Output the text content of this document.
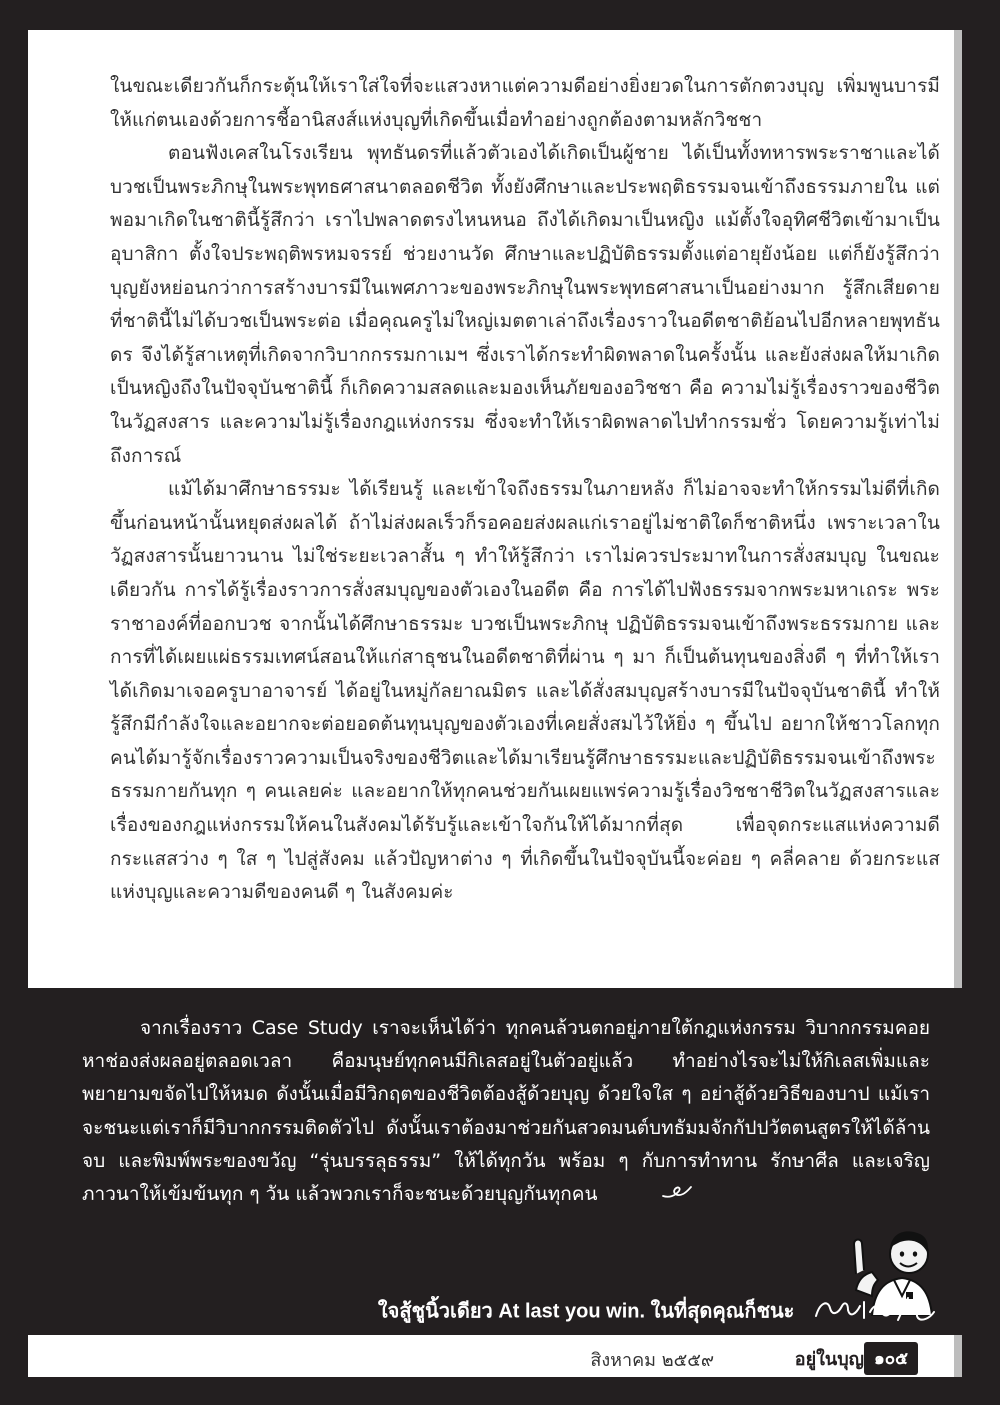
ในขณะเดียวกันก็กระตุ้นให้เราใส่ใจที่จะแสวงหาแต่ความดีอย่างยิ่งยวดในการตักตวงบุญ เพิ่มพูนบารมีให้แก่ตนเองด้วยการชี้อานิสงส์แห่งบุญที่เกิดขึ้นเมื่อทำอย่างถูกต้องตามหลักวิชชา

ตอนฟังเคสในโรงเรียน พุทธันดรที่แล้วตัวเองได้เกิดเป็นผู้ชาย ได้เป็นทั้งทหารพระราชาและได้บวชเป็นพระภิกษุในพระพุทธศาสนาตลอดชีวิต ทั้งยังศึกษาและประพฤติธรรมจนเข้าถึงธรรมภายใน แต่พอมาเกิดในชาตินี้รู้สึกว่า เราไปพลาดตรงไหนหนอ ถึงได้เกิดมาเป็นหญิง แม้ตั้งใจอุทิศชีวิตเข้ามาเป็นอุบาสิกา ตั้งใจประพฤติพรหมจรรย์ ช่วยงานวัด ศึกษาและปฏิบัติธรรมตั้งแต่อายุยังน้อย แต่ก็ยังรู้สึกว่า บุญยังหย่อนกว่าการสร้างบารมีในเพศภาวะของพระภิกษุในพระพุทธศาสนาเป็นอย่างมาก รู้สึกเสียดายที่ชาตินี้ไม่ได้บวชเป็นพระต่อ เมื่อคุณครูไม่ใหญ่เมตตาเล่าถึงเรื่องราวในอดีตชาติย้อนไปอีกหลายพุทธันดร จึงได้รู้สาเหตุที่เกิดจากวิบากกรรมกาเมฯ ซึ่งเราได้กระทำผิดพลาดในครั้งนั้น และยังส่งผลให้มาเกิดเป็นหญิงถึงในปัจจุบันชาตินี้ ก็เกิดความสลดและมองเห็นภัยของอวิชชา คือ ความไม่รู้เรื่องราวของชีวิตในวัฏสงสาร และความไม่รู้เรื่องกฎแห่งกรรม ซึ่งจะทำให้เราผิดพลาดไปทำกรรมชั่ว โดยความรู้เท่าไม่ถึงการณ์

แม้ได้มาศึกษาธรรมะ ได้เรียนรู้ และเข้าใจถึงธรรมในภายหลัง ก็ไม่อาจจะทำให้กรรมไม่ดีที่เกิดขึ้นก่อนหน้านั้นหยุดส่งผลได้ ถ้าไม่ส่งผลเร็วก็รอคอยส่งผลแก่เราอยู่ไม่ชาติใดก็ชาติหนึ่ง เพราะเวลาในวัฏสงสารนั้นยาวนาน ไม่ใช่ระยะเวลาสั้น ๆ ทำให้รู้สึกว่า เราไม่ควรประมาทในการสั่งสมบุญ ในขณะเดียวกัน การได้รู้เรื่องราวการสั่งสมบุญของตัวเองในอดีต คือ การได้ไปฟังธรรมจากพระมหาเถระ พระราชาองค์ที่ออกบวช จากนั้นได้ศึกษาธรรมะ บวชเป็นพระภิกษุ ปฏิบัติธรรมจนเข้าถึงพระธรรมกาย และการที่ได้เผยแผ่ธรรมเทศน์สอนให้แก่สาธุชนในอดีตชาติที่ผ่าน ๆ มา ก็เป็นต้นทุนของสิ่งดี ๆ ที่ทำให้เราได้เกิดมาเจอครูบาอาจารย์ ได้อยู่ในหมู่กัลยาณมิตร และได้สั่งสมบุญสร้างบารมีในปัจจุบันชาตินี้ ทำให้รู้สึกมีกำลังใจและอยากจะต่อยอดต้นทุนบุญของตัวเองที่เคยสั่งสมไว้ให้ยิ่ง ๆ ขึ้นไป อยากให้ชาวโลกทุกคนได้มารู้จักเรื่องราวความเป็นจริงของชีวิตและได้มาเรียนรู้ศึกษาธรรมะและปฏิบัติธรรมจนเข้าถึงพระธรรมกายกันทุก ๆ คนเลยค่ะ และอยากให้ทุกคนช่วยกันเผยแพร่ความรู้เรื่องวิชชาชีวิตในวัฏสงสารและเรื่องของกฎแห่งกรรมให้คนในสังคมได้รับรู้และเข้าใจกันให้ได้มากที่สุด เพื่อจุดกระแสแห่งความดี กระแสสว่าง ๆ ใส ๆ ไปสู่สังคม แล้วปัญหาต่าง ๆ ที่เกิดขึ้นในปัจจุบันนี้จะค่อย ๆ คลี่คลาย ด้วยกระแสแห่งบุญและความดีของคนดี ๆ ในสังคมค่ะ

จากเรื่องราว Case Study เราจะเห็นได้ว่า ทุกคนล้วนตกอยู่ภายใต้กฎแห่งกรรม วิบากกรรมคอยหาช่องส่งผลอยู่ตลอดเวลา คือมนุษย์ทุกคนมีกิเลสอยู่ในตัวอยู่แล้ว ทำอย่างไรจะไม่ให้กิเลสเพิ่มและพยายามขจัดไปให้หมด ดังนั้นเมื่อมีวิกฤตของชีวิตต้องสู้ด้วยบุญ ด้วยใจใส ๆ อย่าสู้ด้วยวิธีของบาป แม้เราจะชนะแต่เราก็มีวิบากกรรมติดตัวไป ดังนั้นเราต้องมาช่วยกันสวดมนต์บทธัมมจักกัปปวัตตนสูตรให้ได้ล้านจบ และพิมพ์พระของขวัญ “รุ่นบรรลุธรรม” ให้ได้ทุกวัน พร้อม ๆ กับการทำทาน รักษาศีล และเจริญภาวนาให้เข้มข้นทุก ๆ วัน แล้วพวกเราก็จะชนะด้วยบุญกันทุกคน

ใจสู้ชูนิ้วเดียว At last you win. ในที่สุดคุณก็ชนะ
สิงหาคม ๒๕๕๙	อยู่ในบุญ ๑๐๕
